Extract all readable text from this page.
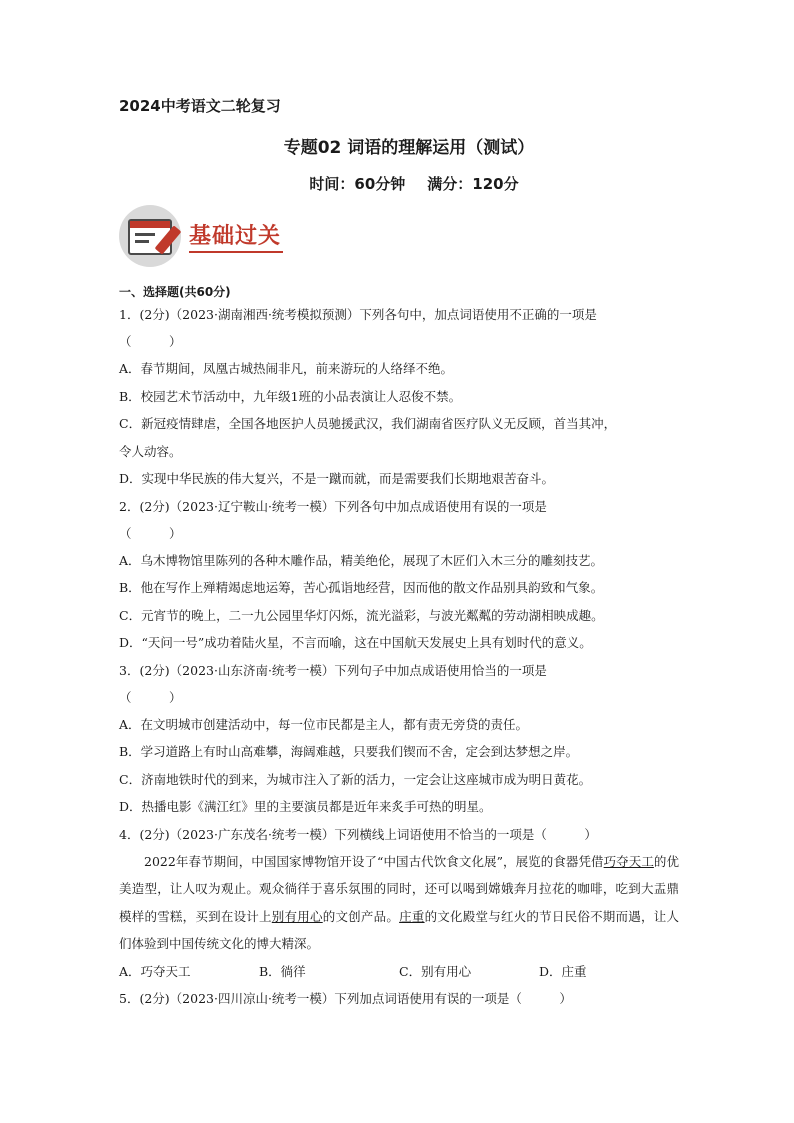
2024中考语文二轮复习
专题02 词语的理解运用（测试）
时间：60分钟 满分：120分
基础过关
一、选择题(共60分)

1．(2分)（2023·湖南湘西·统考模拟预测）下列各句中，加点词语使用不正确的一项是

（　　　）

A．春节期间，凤凰古城热闹非凡，前来游玩的人络绎不绝。

B．校园艺术节活动中，九年级1班的小品表演让人忍俊不禁。

C．新冠疫情肆虐，全国各地医护人员驰援武汉，我们湖南省医疗队义无反顾，首当其冲，

令人动容。

D．实现中华民族的伟大复兴，不是一蹴而就，而是需要我们长期地艰苦奋斗。

2．(2分)（2023·辽宁鞍山·统考一模）下列各句中加点成语使用有误的一项是

（　　　）

A．乌木博物馆里陈列的各种木雕作品，精美绝伦，展现了木匠们入木三分的雕刻技艺。

B．他在写作上殚精竭虑地运筹，苦心孤诣地经营，因而他的散文作品别具韵致和气象。

C．元宵节的晚上，二一九公园里华灯闪烁，流光溢彩，与波光粼粼的劳动湖相映成趣。

D．“天问一号”成功着陆火星，不言而喻，这在中国航天发展史上具有划时代的意义。

3．(2分)（2023·山东济南·统考一模）下列句子中加点成语使用恰当的一项是

（　　　）

A．在文明城市创建活动中，每一位市民都是主人，都有责无旁贷的责任。

B．学习道路上有时山高难攀，海阔难越，只要我们锲而不舍，定会到达梦想之岸。

C．济南地铁时代的到来，为城市注入了新的活力，一定会让这座城市成为明日黄花。

D．热播电影《满江红》里的主要演员都是近年来炙手可热的明星。

4．(2分)（2023·广东茂名·统考一模）下列横线上词语使用不恰当的一项是（　　　）

2022年春节期间，中国国家博物馆开设了“中国古代饮食文化展”，展览的食器凭借巧夺天工的优美造型，让人叹为观止。观众徜徉于喜乐氛围的同时，还可以喝到嫦娥奔月拉花的咖啡，吃到大盂鼎模样的雪糕，买到在设计上别有用心的文创产品。庄重的文化殿堂与红火的节日民俗不期而遇，让人们体验到中国传统文化的博大精深。

A．巧夺天工	B．徜徉	C．别有用心	D．庄重

5．(2分)（2023·四川凉山·统考一模）下列加点词语使用有误的一项是（　　　）
